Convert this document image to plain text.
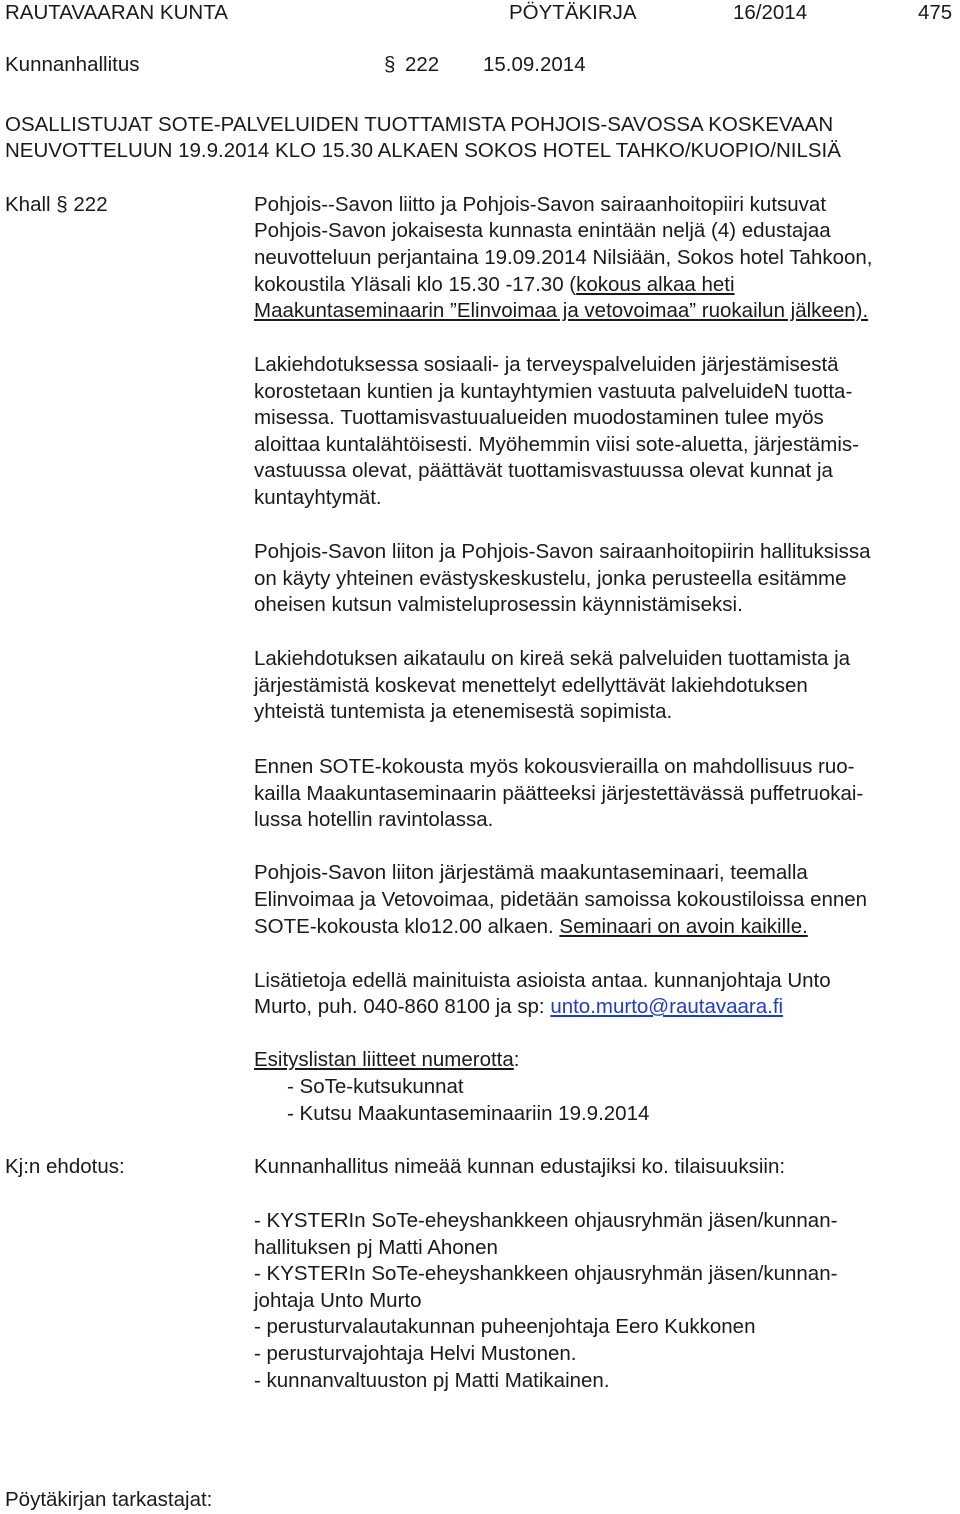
RAUTAVAARAN KUNTA	PÖYTÄKIRJA	16/2014	475
Kunnanhallitus	§ 222 15.09.2014
OSALLISTUJAT SOTE-PALVELUIDEN TUOTTAMISTA POHJOIS-SAVOSSA KOSKEVAAN
NEUVOTTELUUN 19.9.2014 KLO 15.30 ALKAEN SOKOS HOTEL TAHKO/KUOPIO/NILSIÄ
Khall § 222	Pohjois--Savon liitto ja Pohjois-Savon sairaanhoitopiiri kutsuvat
Pohjois-Savon jokaisesta kunnasta enintään neljä (4) edustajaa
neuvotteluun perjantaina 19.09.2014 Nilsiään, Sokos hotel Tahkoon,
kokoustila Yläsali klo 15.30 -17.30 (kokous alkaa heti
Maakuntaseminaarin ”Elinvoimaa ja vetovoimaa” ruokailun jälkeen).
Lakiehdotuksessa sosiaali- ja terveyspalveluiden järjestämisestä
korostetaan kuntien ja kuntayhtymien vastuuta palveluideN tuotta-
misessa. Tuottamisvastuualueiden muodostaminen tulee myös
aloittaa kuntalähtöisesti. Myöhemmin viisi sote-aluetta, järjestämis-
vastuussa olevat, päättävät tuottamisvastuussa olevat kunnat ja
kuntayhtymät.
Pohjois-Savon liiton ja Pohjois-Savon sairaanhoitopiirin hallituksissa
on käyty yhteinen evästyskeskustelu, jonka perusteella esitämme
oheisen kutsun valmisteluprosessin käynnistämiseksi.
Lakiehdotuksen aikataulu on kireä sekä palveluiden tuottamista ja
järjestämistä koskevat menettelyt edellyttävät lakiehdotuksen
yhteistä tuntemista ja etenemisestä sopimista.
Ennen SOTE-kokousta myös kokousvierailla on mahdollisuus ruo-
kailla Maakuntaseminaarin päätteeksi järjestettävässä puffetruokai-
lussa hotellin ravintolassa.
Pohjois-Savon liiton järjestämä maakuntaseminaari, teemalla
Elinvoimaa ja Vetovoimaa, pidetään samoissa kokoustiloissa ennen
SOTE-kokousta klo12.00 alkaen. Seminaari on avoin kaikille.
Lisätietoja edellä mainituista asioista antaa. kunnanjohtaja Unto
Murto, puh. 040-860 8100 ja sp: unto.murto@rautavaara.fi
Esityslistan liitteet numerotta:
- SoTe-kutsukunnat
- Kutsu Maakuntaseminaariin 19.9.2014
Kj:n ehdotus:	Kunnanhallitus nimeää kunnan edustajiksi ko. tilaisuuksiin:
- KYSTERIn SoTe-eheyshankkeen ohjausryhmän jäsen/kunnan-
hallituksen pj Matti Ahonen
- KYSTERIn SoTe-eheyshankkeen ohjausryhmän jäsen/kunnan-
johtaja Unto Murto
- perusturvalautakunnan puheenjohtaja Eero Kukkonen
- perusturvajohtaja Helvi Mustonen.
- kunnanvaltuuston pj Matti Matikainen.
Pöytäkirjan tarkastajat:
